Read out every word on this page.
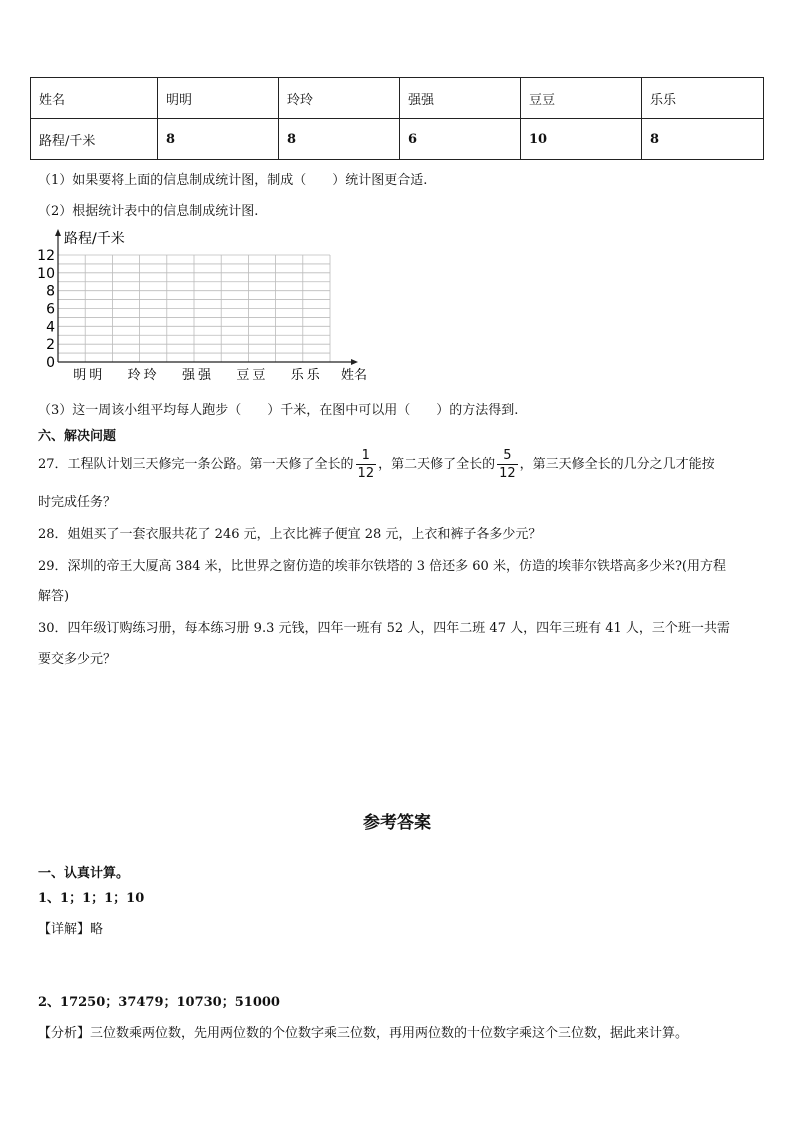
姓名	明明	玲玲	强强	豆豆	乐乐
路程/千米	8	8	6	10	8
（1）如果要将上面的信息制成统计图，制成（　　）统计图更合适.
（2）根据统计表中的信息制成统计图.
路程/千米
姓名
12
10
8
6
4
2
0
明明 玲玲 强强 豆豆 乐乐
（3）这一周该小组平均每人跑步（　　）千米，在图中可以用（　　）的方法得到.
六、解决问题
27．工程队计划三天修完一条公路。第一天修了全长的 $\frac{1}{12}$ ，第二天修了全长的 $\frac{5}{12}$ ，第三天修全长的几分之几才能按
时完成任务？
28．姐姐买了一套衣服共花了 246 元，上衣比裤子便宜 28 元，上衣和裤子各多少元？
29．深圳的帝王大厦高 384 米，比世界之窗仿造的埃菲尔铁塔的 3 倍还多 60 米，仿造的埃菲尔铁塔高多少米?(用方程
解答)
30．四年级订购练习册，每本练习册 9.3 元钱，四年一班有 52 人，四年二班 47 人，四年三班有 41 人，三个班一共需
要交多少元？
参考答案
一、认真计算。
1、1；1；1；10
【详解】略
2、17250；37479；10730；51000
【分析】三位数乘两位数，先用两位数的个位数字乘三位数，再用两位数的十位数字乘这个三位数，据此来计算。
